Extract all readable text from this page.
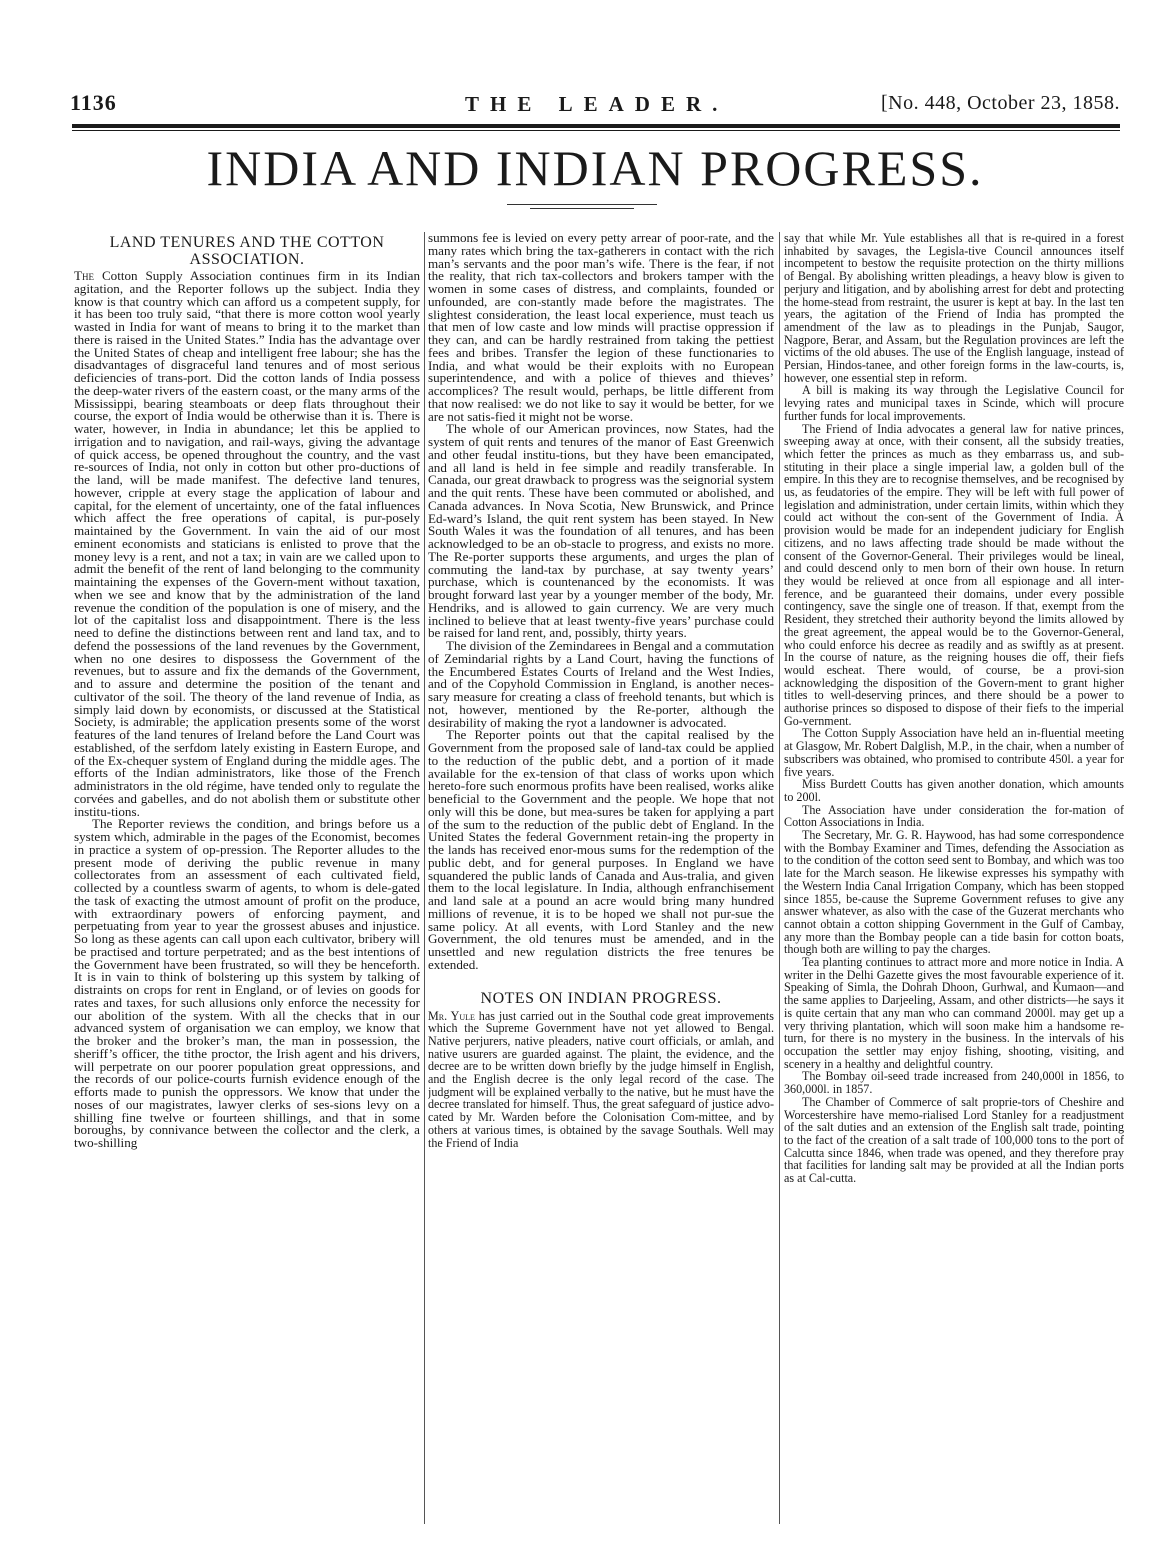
1136	THE LEADER.	[No. 448, October 23, 1858.
INDIA AND INDIAN PROGRESS.
LAND TENURES AND THE COTTON ASSOCIATION.

The Cotton Supply Association continues firm in its Indian agitation, and the Reporter follows up the subject. India they know is that country which can afford us a competent supply, for it has been too truly said, “that there is more cotton wool yearly wasted in India for want of means to bring it to the market than there is raised in the United States.” India has the advantage over the United States of cheap and intelligent free labour; she has the disadvantages of disgraceful land tenures and of most serious deficiencies of trans-port. Did the cotton lands of India possess the deep-water rivers of the eastern coast, or the many arms of the Mississippi, bearing steamboats or deep flats throughout their course, the export of India would be otherwise than it is. There is water, however, in India in abundance; let this be applied to irrigation and to navigation, and rail-ways, giving the advantage of quick access, be opened throughout the country, and the vast re-sources of India, not only in cotton but other pro-ductions of the land, will be made manifest. The defective land tenures, however, cripple at every stage the application of labour and capital, for the element of uncertainty, one of the fatal influences which affect the free operations of capital, is pur-posely maintained by the Government. In vain the aid of our most eminent economists and staticians is enlisted to prove that the money levy is a rent, and not a tax; in vain are we called upon to admit the benefit of the rent of land belonging to the community maintaining the expenses of the Govern-ment without taxation, when we see and know that by the administration of the land revenue the condition of the population is one of misery, and the lot of the capitalist loss and disappointment. There is the less need to define the distinctions between rent and land tax, and to defend the possessions of the land revenues by the Government, when no one desires to dispossess the Government of the revenues, but to assure and fix the demands of the Government, and to assure and determine the position of the tenant and cultivator of the soil. The theory of the land revenue of India, as simply laid down by economists, or discussed at the Statistical Society, is admirable; the application presents some of the worst features of the land tenures of Ireland before the Land Court was established, of the serfdom lately existing in Eastern Europe, and of the Ex-chequer system of England during the middle ages. The efforts of the Indian administrators, like those of the French administrators in the old régime, have tended only to regulate the corvées and gabelles, and do not abolish them or substitute other institu-tions.

The Reporter reviews the condition, and brings before us a system which, admirable in the pages of the Economist, becomes in practice a system of op-pression. The Reporter alludes to the present mode of deriving the public revenue in many collectorates from an assessment of each cultivated field, collected by a countless swarm of agents, to whom is dele-gated the task of exacting the utmost amount of profit on the produce, with extraordinary powers of enforcing payment, and perpetuating from year to year the grossest abuses and injustice. So long as these agents can call upon each cultivator, bribery will be practised and torture perpetrated; and as the best intentions of the Government have been frustrated, so will they be henceforth. It is in vain to think of bolstering up this system by talking of distraints on crops for rent in England, or of levies on goods for rates and taxes, for such allusions only enforce the necessity for our abolition of the system. With all the checks that in our advanced system of organisation we can employ, we know that the broker and the broker’s man, the man in possession, the sheriff’s officer, the tithe proctor, the Irish agent and his drivers, will perpetrate on our poorer population great oppressions, and the records of our police-courts furnish evidence enough of the efforts made to punish the oppressors. We know that under the noses of our magistrates, lawyer clerks of ses-sions levy on a shilling fine twelve or fourteen shillings, and that in some boroughs, by connivance between the collector and the clerk, a two-shilling

summons fee is levied on every petty arrear of poor-rate, and the many rates which bring the tax-gatherers in contact with the rich man’s servants and the poor man’s wife. There is the fear, if not the reality, that rich tax-collectors and brokers tamper with the women in some cases of distress, and complaints, founded or unfounded, are con-stantly made before the magistrates. The slightest consideration, the least local experience, must teach us that men of low caste and low minds will practise oppression if they can, and can be hardly restrained from taking the pettiest fees and bribes. Transfer the legion of these functionaries to India, and what would be their exploits with no European superintendence, and with a police of thieves and thieves’ accomplices? The result would, perhaps, be little different from that now realised: we do not like to say it would be better, for we are not satis-fied it might not be worse.

The whole of our American provinces, now States, had the system of quit rents and tenures of the manor of East Greenwich and other feudal institu-tions, but they have been emancipated, and all land is held in fee simple and readily transferable. In Canada, our great drawback to progress was the seignorial system and the quit rents. These have been commuted or abolished, and Canada advances. In Nova Scotia, New Brunswick, and Prince Ed-ward’s Island, the quit rent system has been stayed. In New South Wales it was the foundation of all tenures, and has been acknowledged to be an ob-stacle to progress, and exists no more. The Re-porter supports these arguments, and urges the plan of commuting the land-tax by purchase, at say twenty years’ purchase, which is countenanced by the economists. It was brought forward last year by a younger member of the body, Mr. Hendriks, and is allowed to gain currency. We are very much inclined to believe that at least twenty-five years’ purchase could be raised for land rent, and, possibly, thirty years.

The division of the Zemindarees in Bengal and a commutation of Zemindarial rights by a Land Court, having the functions of the Encumbered Estates Courts of Ireland and the West Indies, and of the Copyhold Commission in England, is another neces-sary measure for creating a class of freehold tenants, but which is not, however, mentioned by the Re-porter, although the desirability of making the ryot a landowner is advocated.

The Reporter points out that the capital realised by the Government from the proposed sale of land-tax could be applied to the reduction of the public debt, and a portion of it made available for the ex-tension of that class of works upon which hereto-fore such enormous profits have been realised, works alike beneficial to the Government and the people. We hope that not only will this be done, but mea-sures be taken for applying a part of the sum to the reduction of the public debt of England. In the United States the federal Government retain-ing the property in the lands has received enor-mous sums for the redemption of the public debt, and for general purposes. In England we have squandered the public lands of Canada and Aus-tralia, and given them to the local legislature. In India, although enfranchisement and land sale at a pound an acre would bring many hundred millions of revenue, it is to be hoped we shall not pur-sue the same policy. At all events, with Lord Stanley and the new Government, the old tenures must be amended, and in the unsettled and new regulation districts the free tenures be extended.

NOTES ON INDIAN PROGRESS.

Mr. Yule has just carried out in the Southal code great improvements which the Supreme Government have not yet allowed to Bengal. Native perjurers, native pleaders, native court officials, or amlah, and native usurers are guarded against. The plaint, the evidence, and the decree are to be written down briefly by the judge himself in English, and the English decree is the only legal record of the case. The judgment will be explained verbally to the native, but he must have the decree translated for himself. Thus, the great safeguard of justice advo-cated by Mr. Warden before the Colonisation Com-mittee, and by others at various times, is obtained by the savage Southals. Well may the Friend of India

say that while Mr. Yule establishes all that is re-quired in a forest inhabited by savages, the Legisla-tive Council announces itself incompetent to bestow the requisite protection on the thirty millions of Bengal. By abolishing written pleadings, a heavy blow is given to perjury and litigation, and by abolishing arrest for debt and protecting the home-stead from restraint, the usurer is kept at bay. In the last ten years, the agitation of the Friend of India has prompted the amendment of the law as to pleadings in the Punjab, Saugor, Nagpore, Berar, and Assam, but the Regulation provinces are left the victims of the old abuses. The use of the English language, instead of Persian, Hindos-tanee, and other foreign forms in the law-courts, is, however, one essential step in reform.

A bill is making its way through the Legislative Council for levying rates and municipal taxes in Scinde, which will procure further funds for local improvements.

The Friend of India advocates a general law for native princes, sweeping away at once, with their consent, all the subsidy treaties, which fetter the princes as much as they embarrass us, and sub-stituting in their place a single imperial law, a golden bull of the empire. In this they are to recognise themselves, and be recognised by us, as feudatories of the empire. They will be left with full power of legislation and administration, under certain limits, within which they could act without the con-sent of the Government of India. A provision would be made for an independent judiciary for English citizens, and no laws affecting trade should be made without the consent of the Governor-General. Their privileges would be lineal, and could descend only to men born of their own house. In return they would be relieved at once from all espionage and all inter-ference, and be guaranteed their domains, under every possible contingency, save the single one of treason. If that, exempt from the Resident, they stretched their authority beyond the limits allowed by the great agreement, the appeal would be to the Governor-General, who could enforce his decree as readily and as swiftly as at present. In the course of nature, as the reigning houses die off, their fiefs would escheat. There would, of course, be a provi-sion acknowledging the disposition of the Govern-ment to grant higher titles to well-deserving princes, and there should be a power to authorise princes so disposed to dispose of their fiefs to the imperial Go-vernment.

The Cotton Supply Association have held an in-fluential meeting at Glasgow, Mr. Robert Dalglish, M.P., in the chair, when a number of subscribers was obtained, who promised to contribute 450l. a year for five years.

Miss Burdett Coutts has given another donation, which amounts to 200l.

The Association have under consideration the for-mation of Cotton Associations in India.

The Secretary, Mr. G. R. Haywood, has had some correspondence with the Bombay Examiner and Times, defending the Association as to the condition of the cotton seed sent to Bombay, and which was too late for the March season. He likewise expresses his sympathy with the Western India Canal Irrigation Company, which has been stopped since 1855, be-cause the Supreme Government refuses to give any answer whatever, as also with the case of the Guzerat merchants who cannot obtain a cotton shipping Government in the Gulf of Cambay, any more than the Bombay people can a tide basin for cotton boats, though both are willing to pay the charges.

Tea planting continues to attract more and more notice in India. A writer in the Delhi Gazette gives the most favourable experience of it. Speaking of Simla, the Dohrah Dhoon, Gurhwal, and Kumaon—and the same applies to Darjeeling, Assam, and other districts—he says it is quite certain that any man who can command 2000l. may get up a very thriving plantation, which will soon make him a handsome re-turn, for there is no mystery in the business. In the intervals of his occupation the settler may enjoy fishing, shooting, visiting, and scenery in a healthy and delightful country.

The Bombay oil-seed trade increased from 240,000l in 1856, to 360,000l. in 1857.

The Chamber of Commerce of salt proprie-tors of Cheshire and Worcestershire have memo-rialised Lord Stanley for a readjustment of the salt duties and an extension of the English salt trade, pointing to the fact of the creation of a salt trade of 100,000 tons to the port of Calcutta since 1846, when trade was opened, and they therefore pray that facilities for landing salt may be provided at all the Indian ports as at Cal-cutta.
